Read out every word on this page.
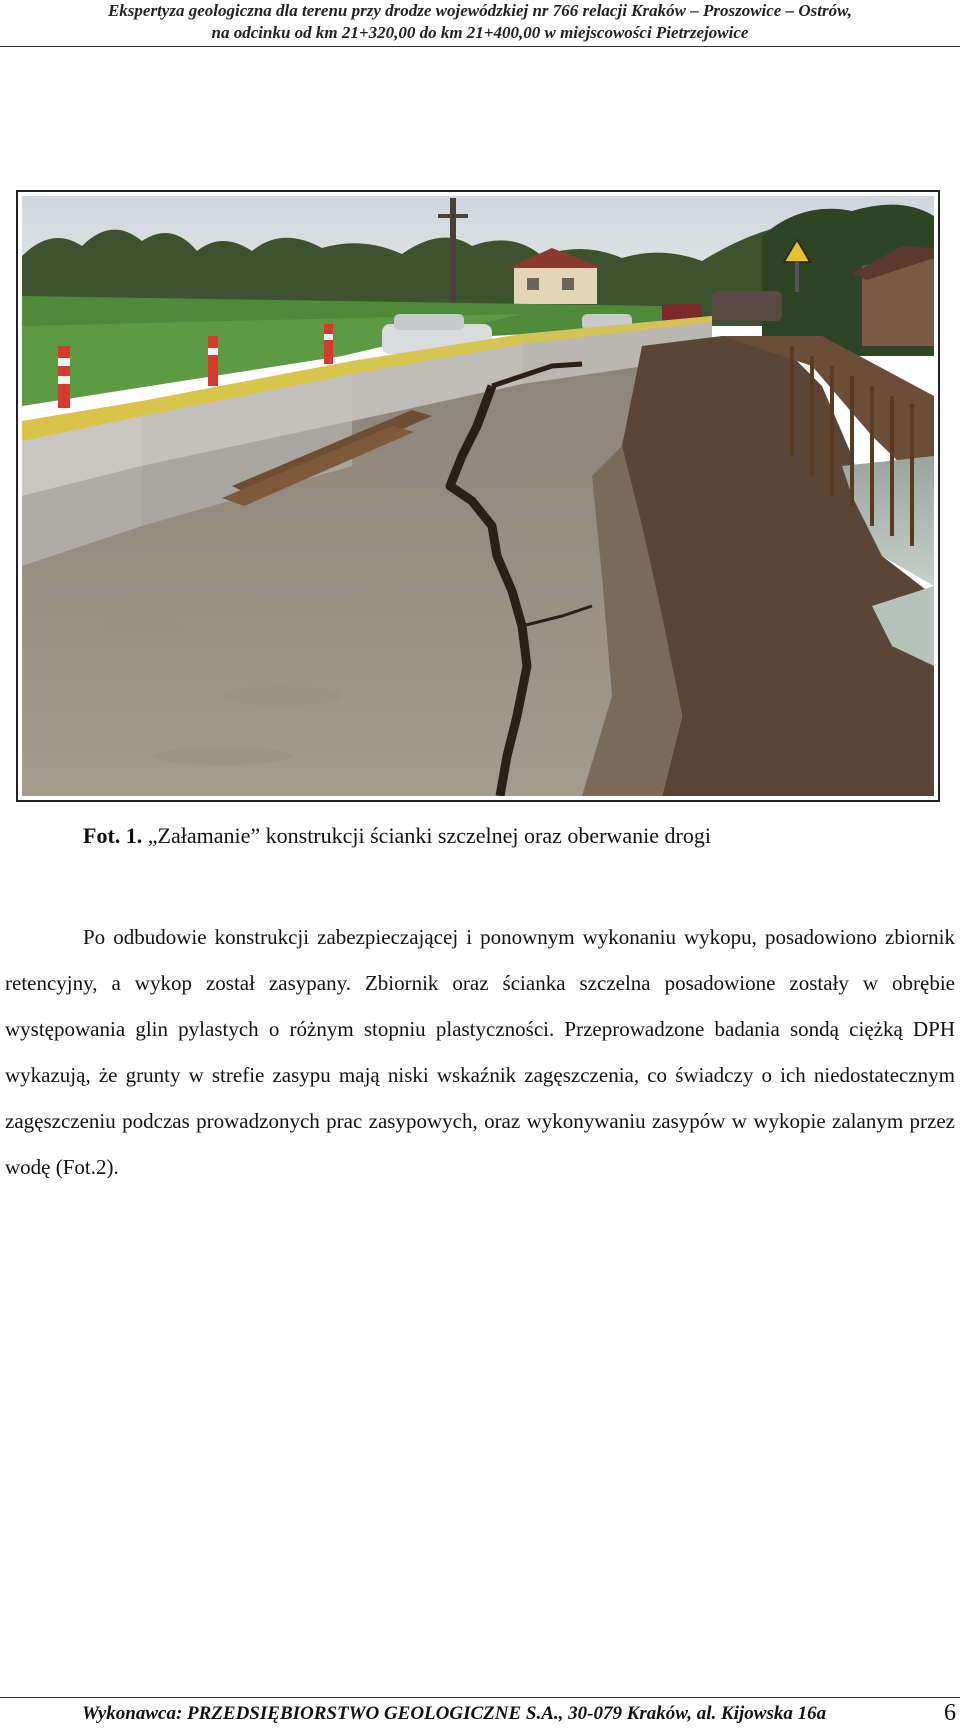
Ekspertyza geologiczna dla terenu przy drodze wojewódzkiej nr 766 relacji Kraków – Proszowice – Ostrów,
na odcinku od km 21+320,00 do km 21+400,00 w miejscowości Pietrzejowice
Fot. 1. „Załamanie” konstrukcji ścianki szczelnej oraz oberwanie drogi

Po odbudowie konstrukcji zabezpieczającej i ponownym wykonaniu wykopu, posadowiono zbiornik retencyjny, a wykop został zasypany. Zbiornik oraz ścianka szczelna posadowione zostały w obrębie występowania glin pylastych o różnym stopniu plastyczności. Przeprowadzone badania sondą ciężką DPH wykazują, że grunty w strefie zasypu mają niski wskaźnik zagęszczenia, co świadczy o ich niedostatecznym zagęszczeniu podczas prowadzonych prac zasypowych, oraz wykonywaniu zasypów w wykopie zalanym przez wodę (Fot.2).

Wykonawca: PRZEDSIĘBIORSTWO GEOLOGICZNE S.A., 30-079 Kraków, al. Kijowska 16a	6
